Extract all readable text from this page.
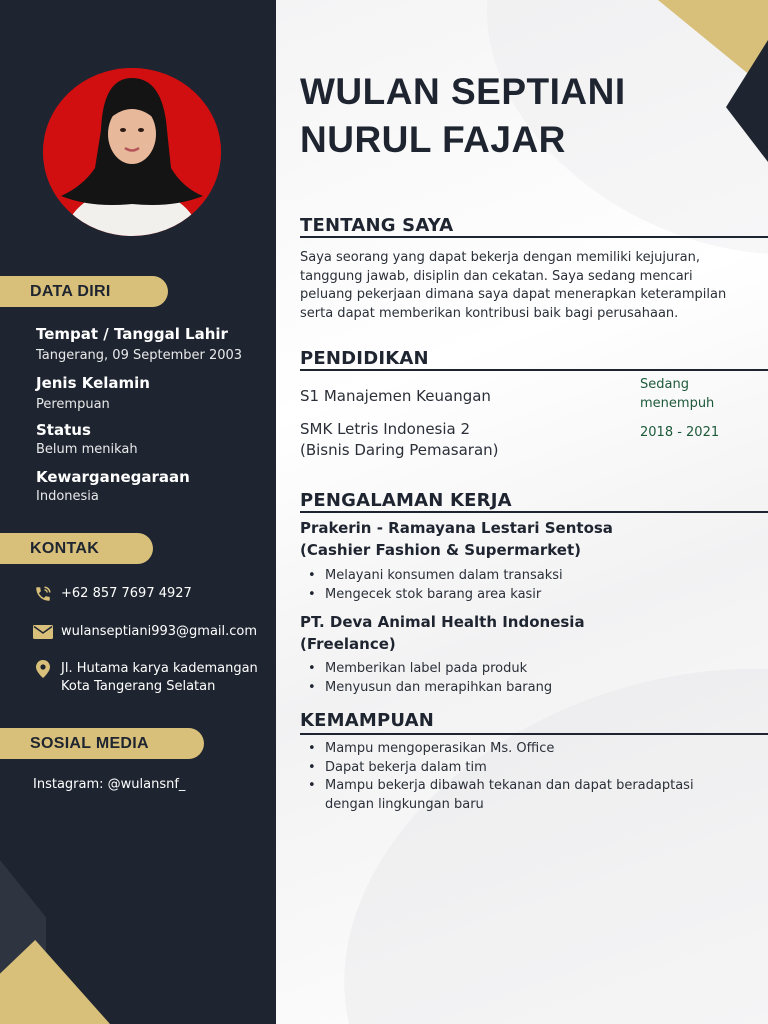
DATA DIRI
Tempat / Tanggal Lahir
Tangerang, 09 September 2003
Jenis Kelamin
Perempuan
Status
Belum menikah
Kewarganegaraan
Indonesia
KONTAK
+62 857 7697 4927
wulanseptiani993@gmail.com
Jl. Hutama karya kademangan
Kota Tangerang Selatan
SOSIAL MEDIA
Instagram: @wulansnf_
WULAN SEPTIANI
NURUL FAJAR
TENTANG SAYA
Saya seorang yang dapat bekerja dengan memiliki kejujuran, tanggung jawab, disiplin dan cekatan. Saya sedang mencari peluang pekerjaan dimana saya dapat menerapkan keterampilan serta dapat memberikan kontribusi baik bagi perusahaan.
PENDIDIKAN
S1 Manajemen Keuangan
Sedang
menempuh
SMK Letris Indonesia 2
(Bisnis Daring Pemasaran)
2018 - 2021
PENGALAMAN KERJA
Prakerin - Ramayana Lestari Sentosa
(Cashier Fashion & Supermarket)
• Melayani konsumen dalam transaksi
• Mengecek stok barang area kasir
PT. Deva Animal Health Indonesia
(Freelance)
• Memberikan label pada produk
• Menyusun dan merapihkan barang
KEMAMPUAN
• Mampu mengoperasikan Ms. Office
• Dapat bekerja dalam tim
• Mampu bekerja dibawah tekanan dan dapat beradaptasi
dengan lingkungan baru
